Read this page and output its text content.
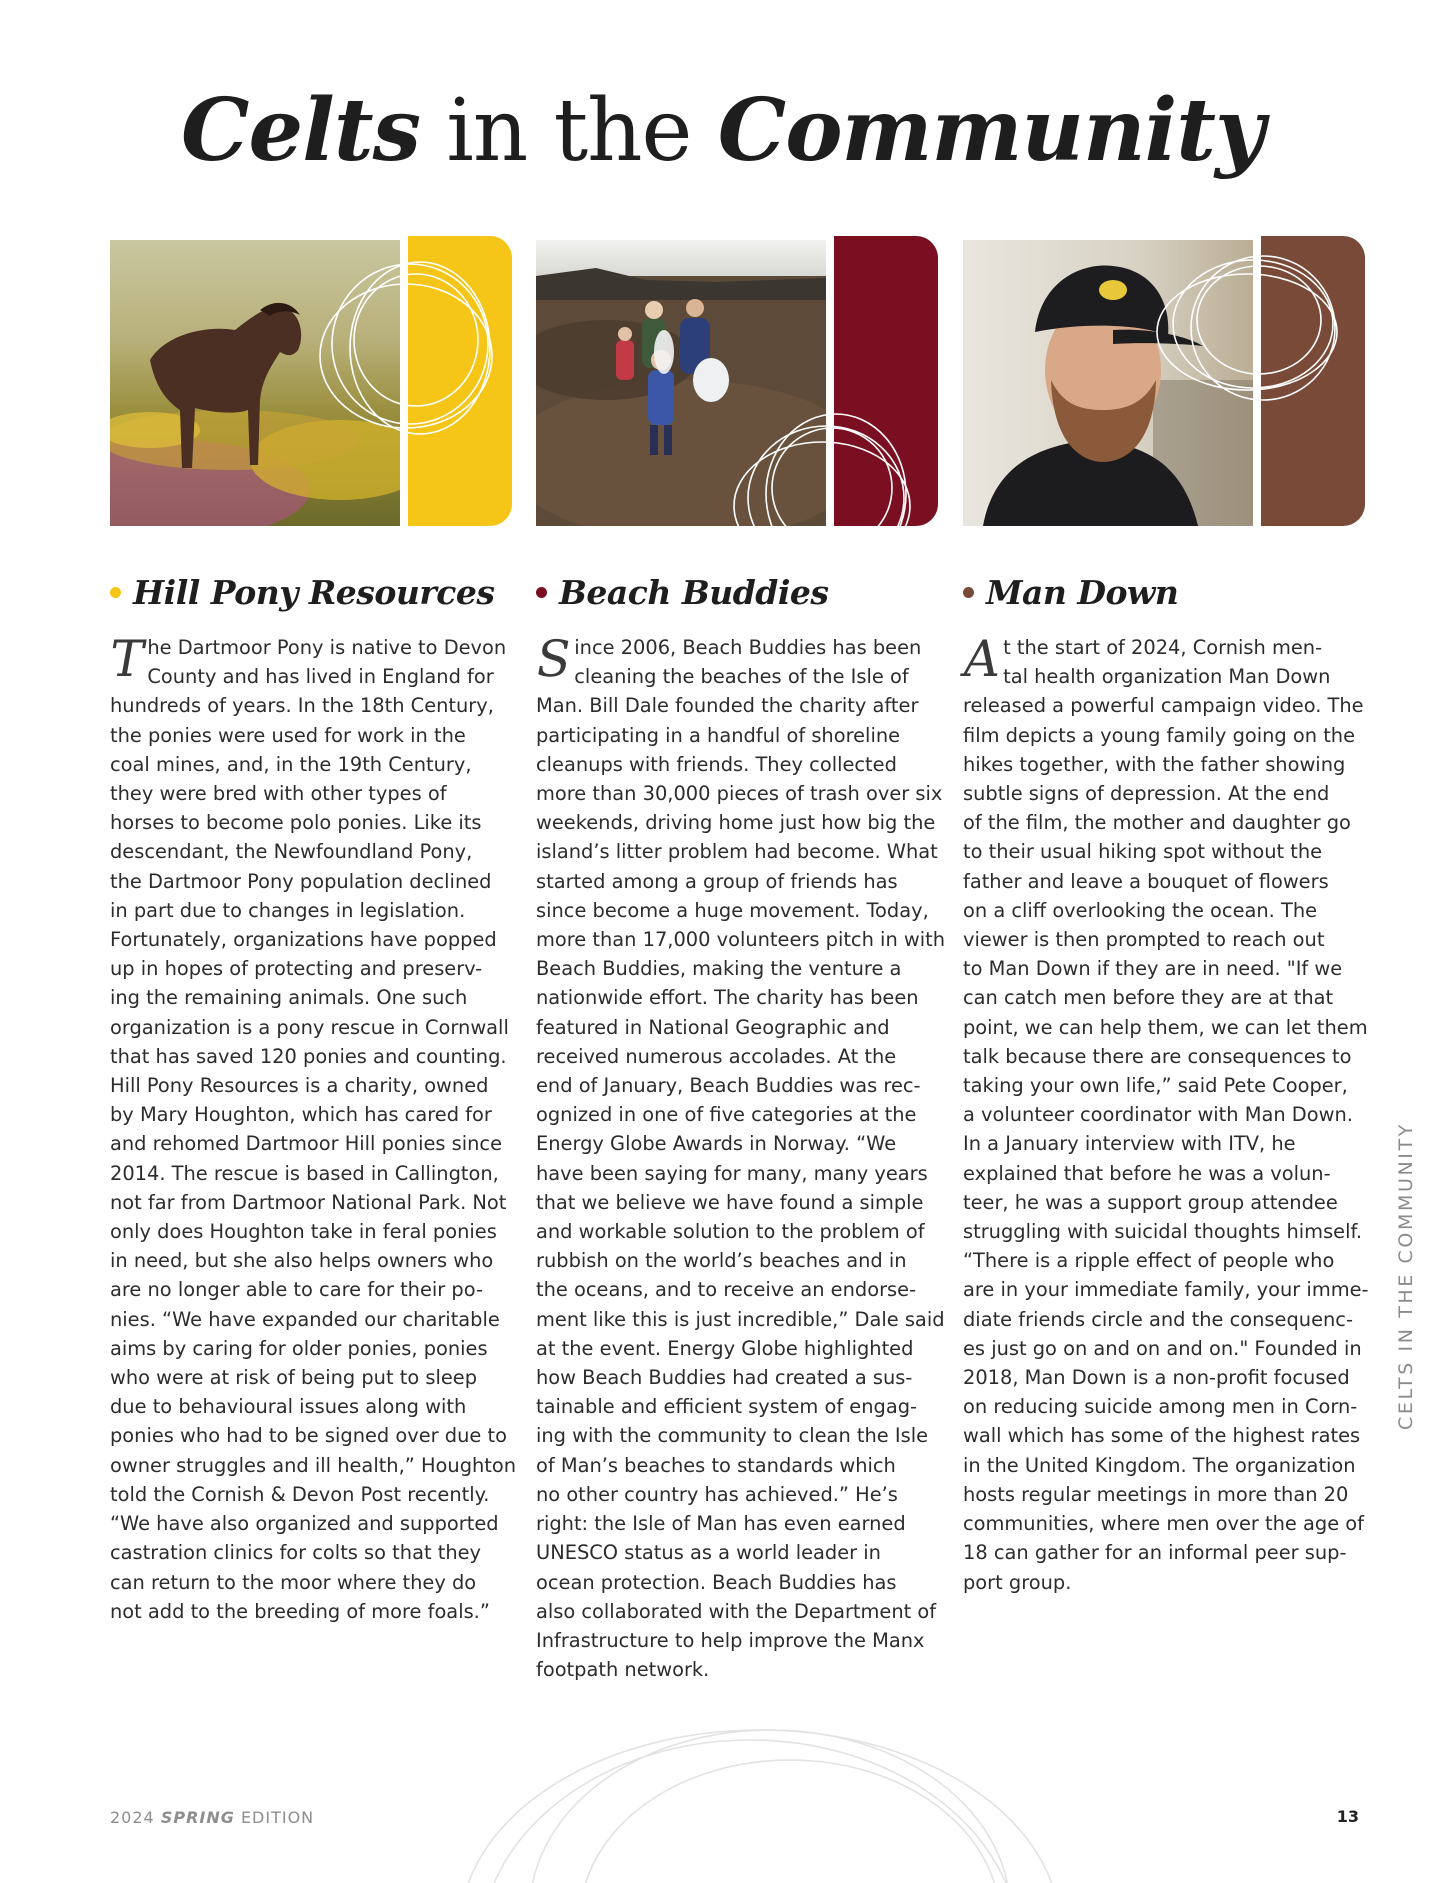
Celts in the Community
Hill Pony Resources
T
he Dartmoor Pony is native to Devon
County and has lived in England for
hundreds of years. In the 18th Century,
the ponies were used for work in the
coal mines, and, in the 19th Century,
they were bred with other types of
horses to become polo ponies. Like its
descendant, the Newfoundland Pony,
the Dartmoor Pony population declined
in part due to changes in legislation.
Fortunately, organizations have popped
up in hopes of protecting and preserv-
ing the remaining animals. One such
organization is a pony rescue in Cornwall
that has saved 120 ponies and counting.
Hill Pony Resources is a charity, owned
by Mary Houghton, which has cared for
and rehomed Dartmoor Hill ponies since
2014. The rescue is based in Callington,
not far from Dartmoor National Park. Not
only does Houghton take in feral ponies
in need, but she also helps owners who
are no longer able to care for their po-
nies. “We have expanded our charitable
aims by caring for older ponies, ponies
who were at risk of being put to sleep
due to behavioural issues along with
ponies who had to be signed over due to
owner struggles and ill health,” Houghton
told the Cornish & Devon Post recently.
“We have also organized and supported
castration clinics for colts so that they
can return to the moor where they do
not add to the breeding of more foals.”
Beach Buddies
S
ince 2006, Beach Buddies has been
cleaning the beaches of the Isle of
Man. Bill Dale founded the charity after
participating in a handful of shoreline
cleanups with friends. They collected
more than 30,000 pieces of trash over six
weekends, driving home just how big the
island’s litter problem had become. What
started among a group of friends has
since become a huge movement. Today,
more than 17,000 volunteers pitch in with
Beach Buddies, making the venture a
nationwide effort. The charity has been
featured in National Geographic and
received numerous accolades. At the
end of January, Beach Buddies was rec-
ognized in one of five categories at the
Energy Globe Awards in Norway. “We
have been saying for many, many years
that we believe we have found a simple
and workable solution to the problem of
rubbish on the world’s beaches and in
the oceans, and to receive an endorse-
ment like this is just incredible,” Dale said
at the event. Energy Globe highlighted
how Beach Buddies had created a sus-
tainable and efficient system of engag-
ing with the community to clean the Isle
of Man’s beaches to standards which
no other country has achieved.” He’s
right: the Isle of Man has even earned
UNESCO status as a world leader in
ocean protection. Beach Buddies has
also collaborated with the Department of
Infrastructure to help improve the Manx
footpath network.
Man Down
A
t the start of 2024, Cornish men-
tal health organization Man Down
released a powerful campaign video. The
film depicts a young family going on the
hikes together, with the father showing
subtle signs of depression. At the end
of the film, the mother and daughter go
to their usual hiking spot without the
father and leave a bouquet of flowers
on a cliff overlooking the ocean. The
viewer is then prompted to reach out
to Man Down if they are in need. "If we
can catch men before they are at that
point, we can help them, we can let them
talk because there are consequences to
taking your own life,” said Pete Cooper,
a volunteer coordinator with Man Down.
In a January interview with ITV, he
explained that before he was a volun-
teer, he was a support group attendee
struggling with suicidal thoughts himself.
“There is a ripple effect of people who
are in your immediate family, your imme-
diate friends circle and the consequenc-
es just go on and on and on." Founded in
2018, Man Down is a non-profit focused
on reducing suicide among men in Corn-
wall which has some of the highest rates
in the United Kingdom. The organization
hosts regular meetings in more than 20
communities, where men over the age of
18 can gather for an informal peer sup-
port group.
CELTS IN THE COMMUNITY
2024 SPRING EDITION	13
